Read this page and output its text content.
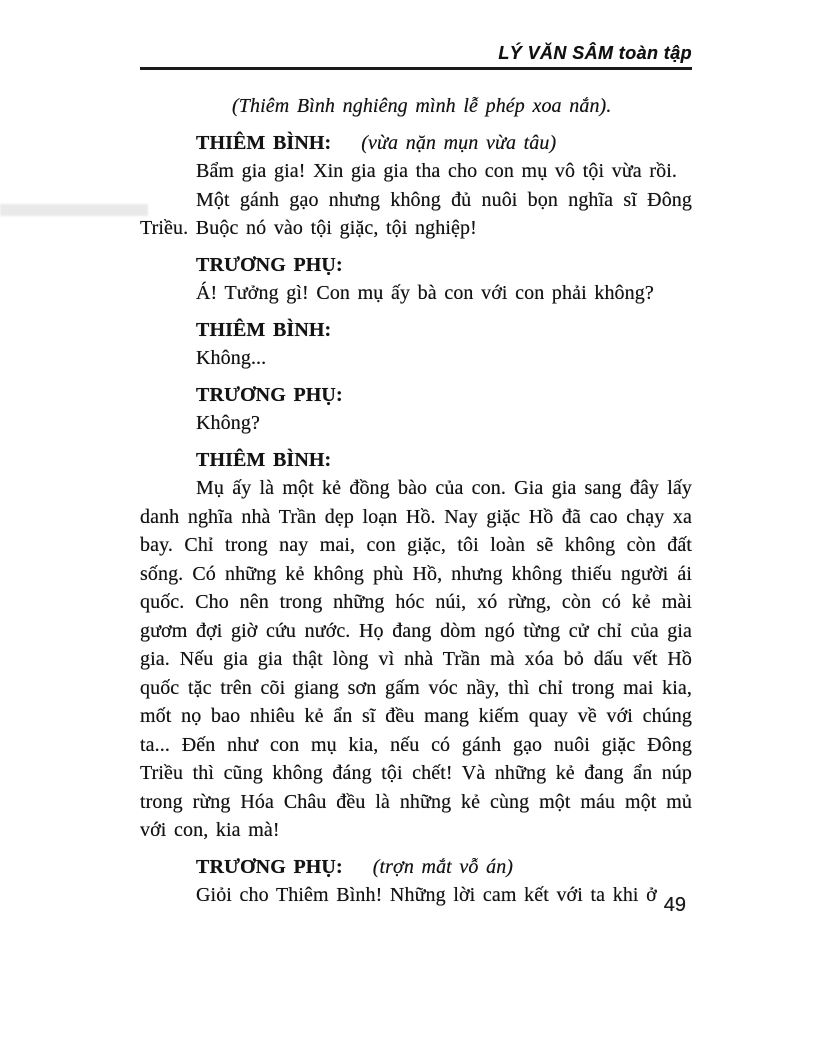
LÝ VĂN SÂM toàn tập

(Thiêm Bình nghiêng mình lễ phép xoa nắn).

THIÊM BÌNH: (vừa nặn mụn vừa tâu)

Bẩm gia gia! Xin gia gia tha cho con mụ vô tội vừa rồi.

Một gánh gạo nhưng không đủ nuôi bọn nghĩa sĩ Đông Triều. Buộc nó vào tội giặc, tội nghiệp!

TRƯƠNG PHỤ:

Á! Tưởng gì! Con mụ ấy bà con với con phải không?

THIÊM BÌNH:

Không...

TRƯƠNG PHỤ:

Không?

THIÊM BÌNH:

Mụ ấy là một kẻ đồng bào của con. Gia gia sang đây lấy danh nghĩa nhà Trần dẹp loạn Hồ. Nay giặc Hồ đã cao chạy xa bay. Chỉ trong nay mai, con giặc, tôi loàn sẽ không còn đất sống. Có những kẻ không phù Hồ, nhưng không thiếu người ái quốc. Cho nên trong những hóc núi, xó rừng, còn có kẻ mài gươm đợi giờ cứu nước. Họ đang dòm ngó từng cử chỉ của gia gia. Nếu gia gia thật lòng vì nhà Trần mà xóa bỏ dấu vết Hồ quốc tặc trên cõi giang sơn gấm vóc nầy, thì chỉ trong mai kia, mốt nọ bao nhiêu kẻ ẩn sĩ đều mang kiếm quay về với chúng ta... Đến như con mụ kia, nếu có gánh gạo nuôi giặc Đông Triều thì cũng không đáng tội chết! Và những kẻ đang ẩn núp trong rừng Hóa Châu đều là những kẻ cùng một máu một mủ với con, kia mà!

TRƯƠNG PHỤ: (trợn mắt vỗ án)

Giỏi cho Thiêm Bình! Những lời cam kết với ta khi ở 49
